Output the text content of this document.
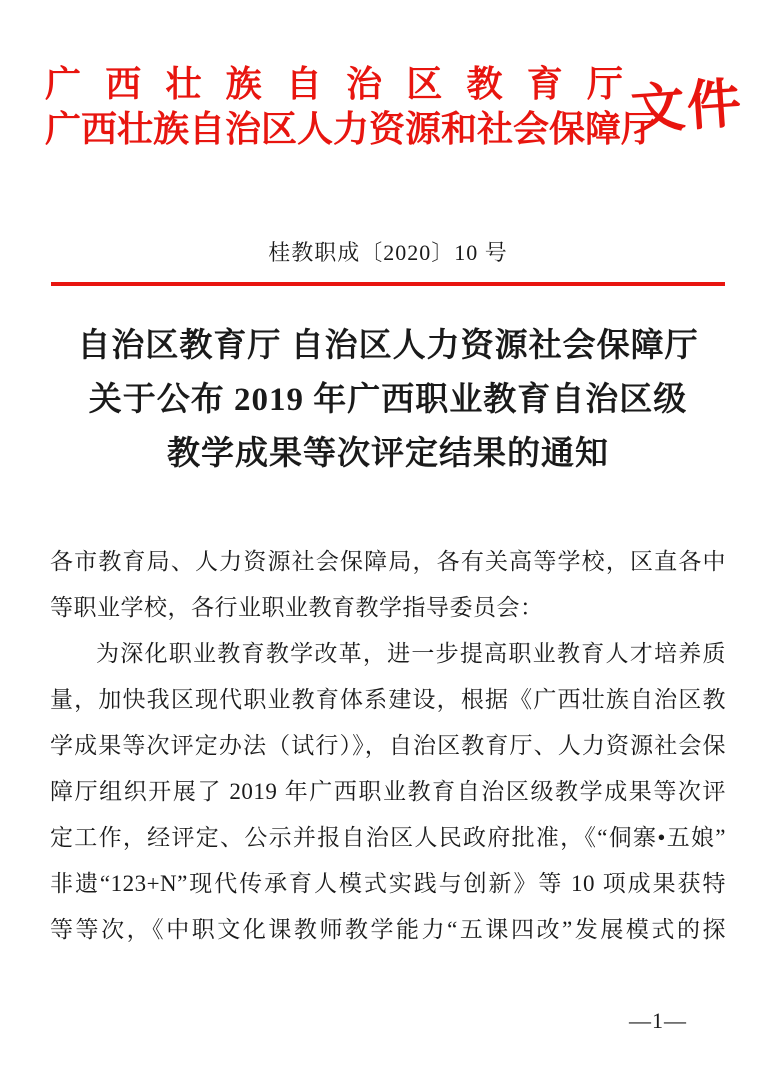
广西壮族自治区教育厅
广西壮族自治区人力资源和社会保障厅
文件
桂教职成〔2020〕10 号
自治区教育厅 自治区人力资源社会保障厅
关于公布 2019 年广西职业教育自治区级
教学成果等次评定结果的通知
各市教育局、人力资源社会保障局，各有关高等学校，区直各中
等职业学校，各行业职业教育教学指导委员会：
为深化职业教育教学改革，进一步提高职业教育人才培养质
量，加快我区现代职业教育体系建设，根据《广西壮族自治区教
学成果等次评定办法（试行）》，自治区教育厅、人力资源社会保
障厅组织开展了 2019 年广西职业教育自治区级教学成果等次评
定工作，经评定、公示并报自治区人民政府批准，《“侗寨•五娘”
非遗“123+N”现代传承育人模式实践与创新》等 10 项成果获特
等等次，《中职文化课教师教学能力“五课四改”发展模式的探
—1—
